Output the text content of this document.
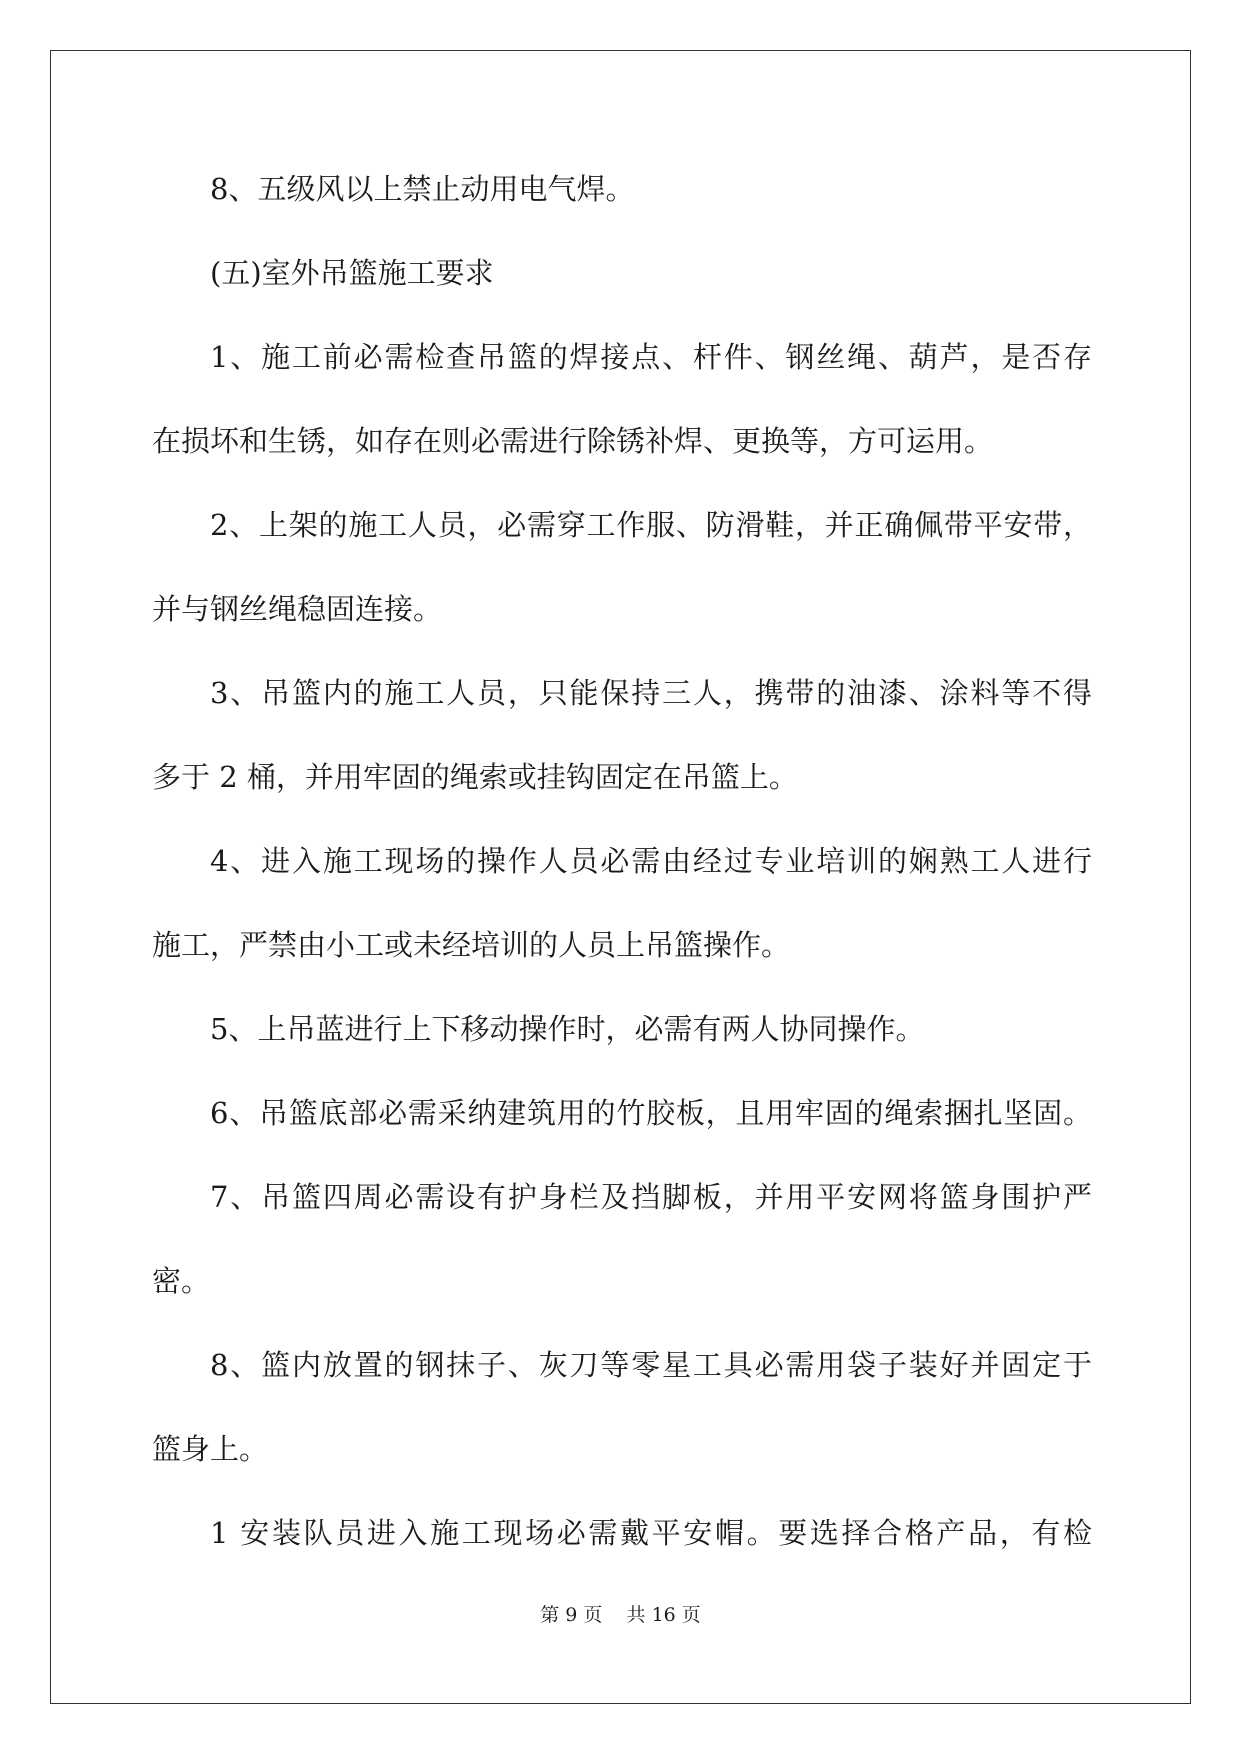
8、五级风以上禁止动用电气焊。
(五)室外吊篮施工要求
1、施工前必需检查吊篮的焊接点、杆件、钢丝绳、葫芦，是否存
在损坏和生锈，如存在则必需进行除锈补焊、更换等，方可运用。
2、上架的施工人员，必需穿工作服、防滑鞋，并正确佩带平安带，
并与钢丝绳稳固连接。
3、吊篮内的施工人员，只能保持三人，携带的油漆、涂料等不得
多于 2 桶，并用牢固的绳索或挂钩固定在吊篮上。
4、进入施工现场的操作人员必需由经过专业培训的娴熟工人进行
施工，严禁由小工或未经培训的人员上吊篮操作。
5、上吊蓝进行上下移动操作时，必需有两人协同操作。
6、吊篮底部必需采纳建筑用的竹胶板，且用牢固的绳索捆扎坚固。
7、吊篮四周必需设有护身栏及挡脚板，并用平安网将篮身围护严
密。
8、篮内放置的钢抹子、灰刀等零星工具必需用袋子装好并固定于
篮身上。
1 安装队员进入施工现场必需戴平安帽。要选择合格产品，有检
第 9 页    共 16 页
